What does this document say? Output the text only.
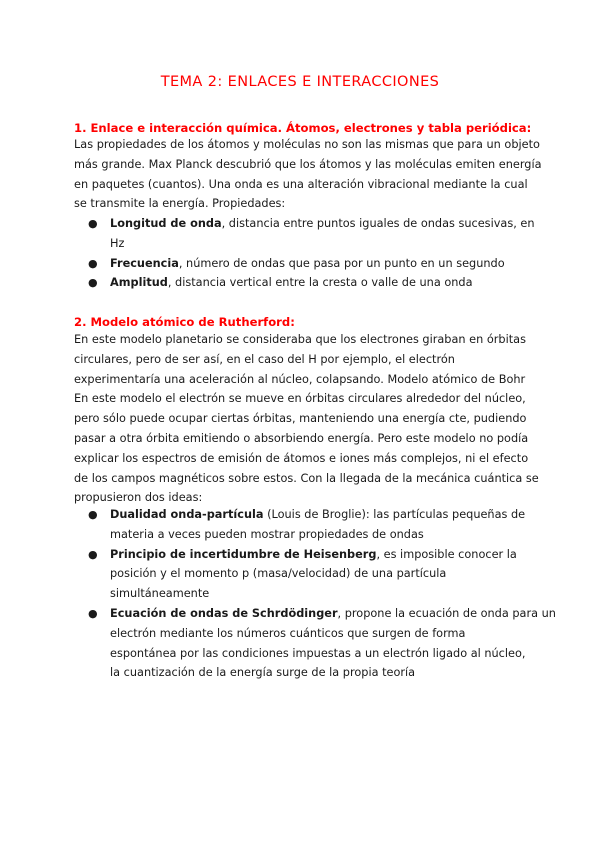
TEMA 2: ENLACES E INTERACCIONES
1. Enlace e interacción química. Átomos, electrones y tabla periódica:

Las propiedades de los átomos y moléculas no son las mismas que para un objeto
más grande. Max Planck descubrió que los átomos y las moléculas emiten energía
en paquetes (cuantos). Una onda es una alteración vibracional mediante la cual
se transmite la energía. Propiedades:

● Longitud de onda, distancia entre puntos iguales de ondas sucesivas, en
Hz
● Frecuencia, número de ondas que pasa por un punto en un segundo
● Amplitud, distancia vertical entre la cresta o valle de una onda
2. Modelo atómico de Rutherford:

En este modelo planetario se consideraba que los electrones giraban en órbitas
circulares, pero de ser así, en el caso del H por ejemplo, el electrón
experimentaría una aceleración al núcleo, colapsando. Modelo atómico de Bohr
En este modelo el electrón se mueve en órbitas circulares alrededor del núcleo,
pero sólo puede ocupar ciertas órbitas, manteniendo una energía cte, pudiendo
pasar a otra órbita emitiendo o absorbiendo energía. Pero este modelo no podía
explicar los espectros de emisión de átomos e iones más complejos, ni el efecto
de los campos magnéticos sobre estos. Con la llegada de la mecánica cuántica se
propusieron dos ideas:

● Dualidad onda-partícula (Louis de Broglie): las partículas pequeñas de
materia a veces pueden mostrar propiedades de ondas
● Principio de incertidumbre de Heisenberg, es imposible conocer la
posición y el momento p (masa/velocidad) de una partícula
simultáneamente
● Ecuación de ondas de Schrdödinger, propone la ecuación de onda para un
electrón mediante los números cuánticos que surgen de forma
espontánea por las condiciones impuestas a un electrón ligado al núcleo,
la cuantización de la energía surge de la propia teoría
